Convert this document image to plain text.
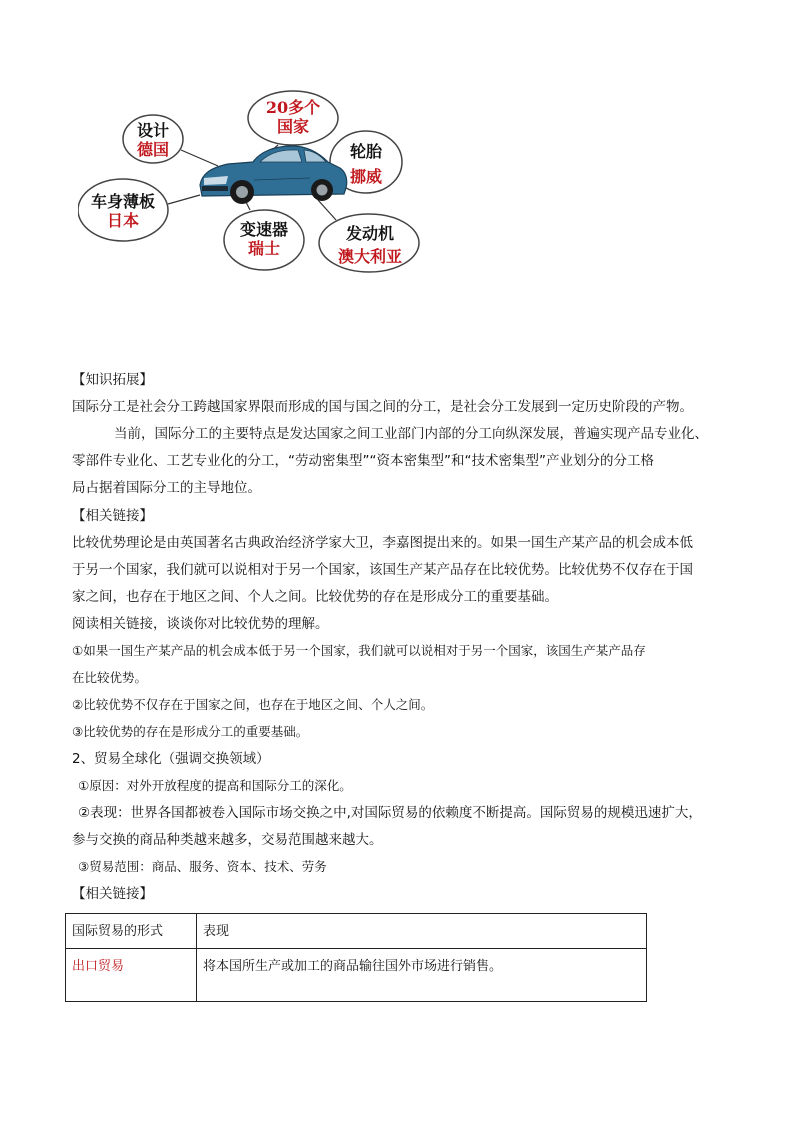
设计
德国
20多个
国家
轮胎
挪威
车身薄板
日本	变速器
瑞士
发动机
澳大利亚
【知识拓展】
国际分工是社会分工跨越国家界限而形成的国与国之间的分工，是社会分工发展到一定历史阶段的产物。
当前，国际分工的主要特点是发达国家之间工业部门内部的分工向纵深发展，普遍实现产品专业化、
零部件专业化、工艺专业化的分工，“劳动密集型”“资本密集型”和“技术密集型”产业划分的分工格
局占据着国际分工的主导地位。
【相关链接】
比较优势理论是由英国著名古典政治经济学家大卫，李嘉图提出来的。如果一国生产某产品的机会成本低
于另一个国家，我们就可以说相对于另一个国家，该国生产某产品存在比较优势。比较优势不仅存在于国
家之间，也存在于地区之间、个人之间。比较优势的存在是形成分工的重要基础。
阅读相关链接，谈谈你对比较优势的理解。
①如果一国生产某产品的机会成本低于另一个国家，我们就可以说相对于另一个国家，该国生产某产品存
在比较优势。
②比较优势不仅存在于国家之间，也存在于地区之间、个人之间。
③比较优势的存在是形成分工的重要基础。
2、贸易全球化（强调交换领域）
①原因：对外开放程度的提高和国际分工的深化。
②表现：世界各国都被卷入国际市场交换之中,对国际贸易的依赖度不断提高。国际贸易的规模迅速扩大，
参与交换的商品种类越来越多，交易范围越来越大。
③贸易范围：商品、服务、资本、技术、劳务
【相关链接】
国际贸易的形式	表现
出口贸易	将本国所生产或加工的商品输往国外市场进行销售。
